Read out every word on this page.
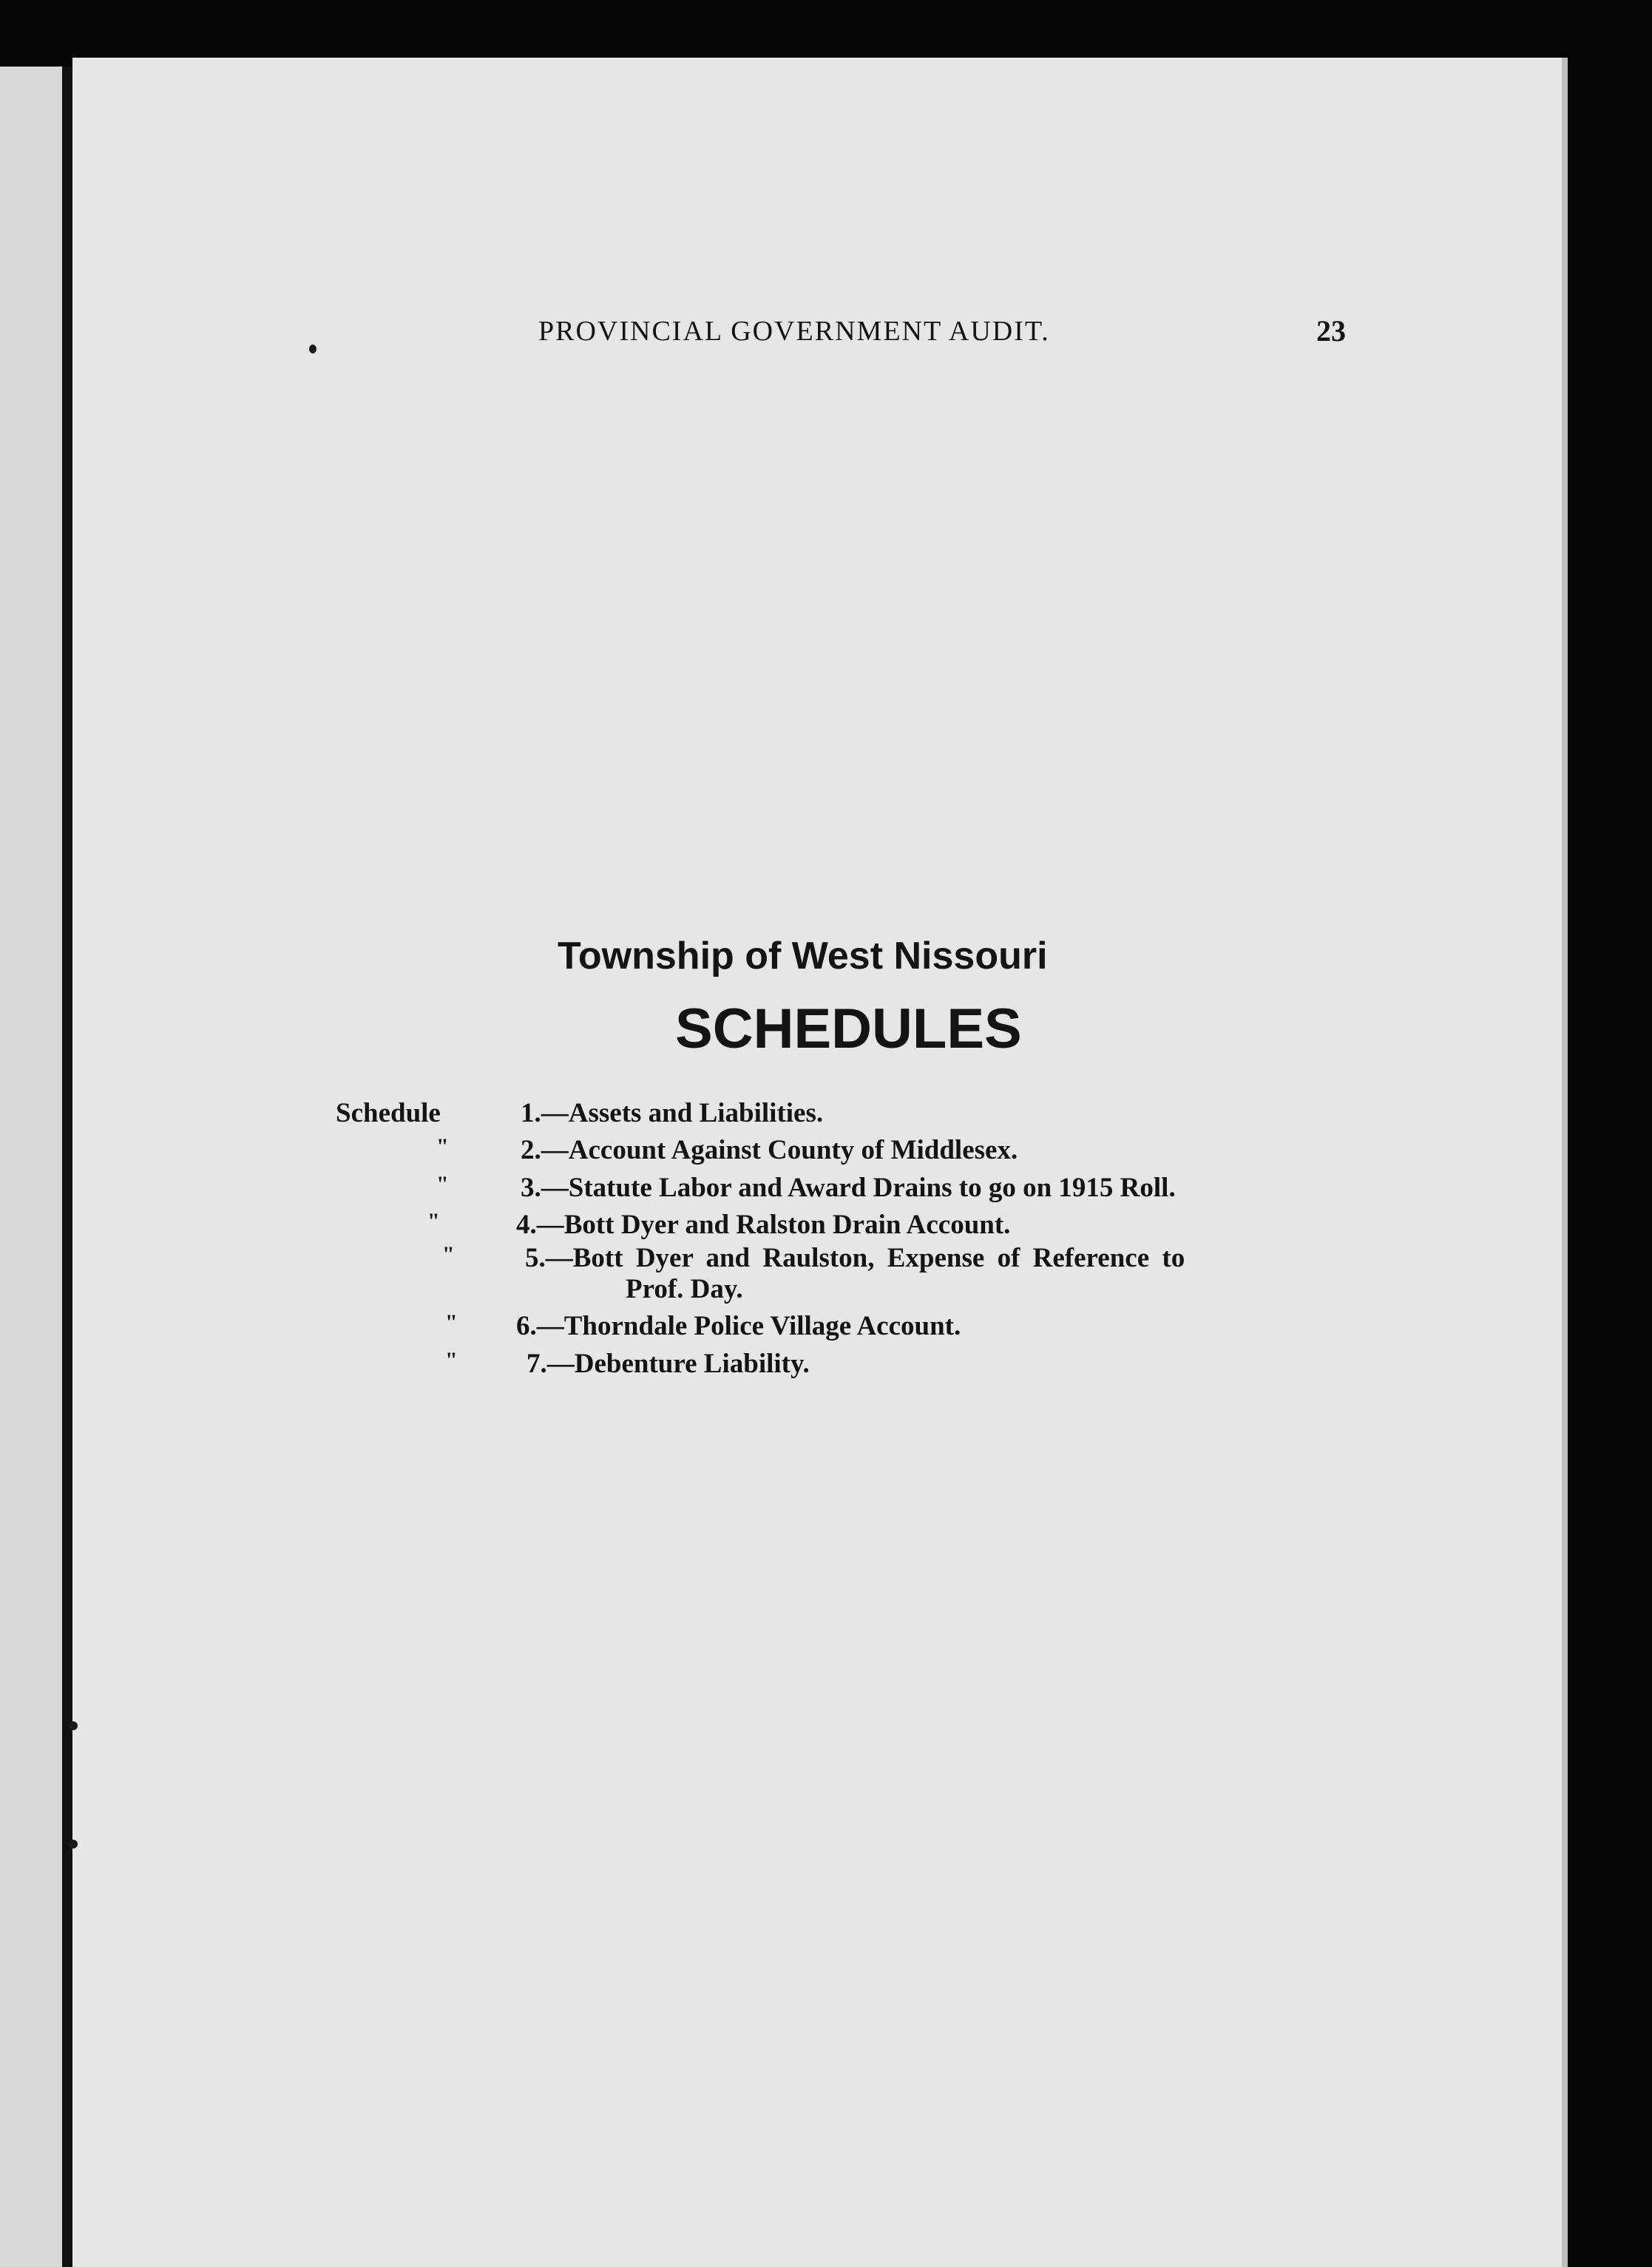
PROVINCIAL GOVERNMENT AUDIT.	23
Township of West Nissouri
SCHEDULES
Schedule	1.—Assets and Liabilities.
"	2.—Account Against County of Middlesex.
"	3.—Statute Labor and Award Drains to go on 1915 Roll.
"	4.—Bott Dyer and Ralston Drain Account.
"	5.—Bott Dyer and Raulston, Expense of Reference to
Prof. Day.
" 6.—Thorndale Police Village Account.
"	7.—Debenture Liability.
